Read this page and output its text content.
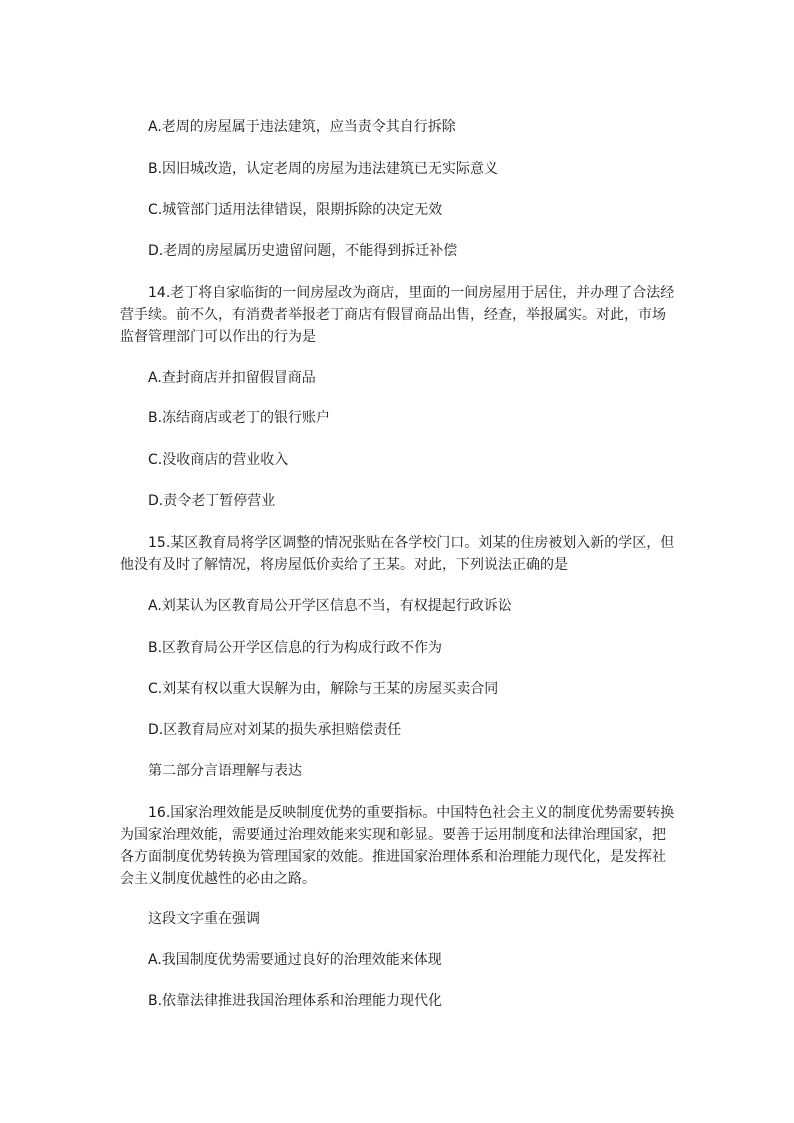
A.老周的房屋属于违法建筑，应当责令其自行拆除
B.因旧城改造，认定老周的房屋为违法建筑已无实际意义
C.城管部门适用法律错误，限期拆除的决定无效
D.老周的房屋属历史遗留问题，不能得到拆迁补偿
14.老丁将自家临街的一间房屋改为商店，里面的一间房屋用于居住，并办理了合法经
营手续。前不久，有消费者举报老丁商店有假冒商品出售，经查，举报属实。对此，市场
监督管理部门可以作出的行为是
A.查封商店并扣留假冒商品
B.冻结商店或老丁的银行账户
C.没收商店的营业收入
D.责令老丁暂停营业
15.某区教育局将学区调整的情况张贴在各学校门口。刘某的住房被划入新的学区，但
他没有及时了解情况，将房屋低价卖给了王某。对此，下列说法正确的是
A.刘某认为区教育局公开学区信息不当，有权提起行政诉讼
B.区教育局公开学区信息的行为构成行政不作为
C.刘某有权以重大误解为由，解除与王某的房屋买卖合同
D.区教育局应对刘某的损失承担赔偿责任
第二部分言语理解与表达
16.国家治理效能是反映制度优势的重要指标。中国特色社会主义的制度优势需要转换
为国家治理效能，需要通过治理效能来实现和彰显。要善于运用制度和法律治理国家，把
各方面制度优势转换为管理国家的效能。推进国家治理体系和治理能力现代化，是发挥社
会主义制度优越性的必由之路。
这段文字重在强调
A.我国制度优势需要通过良好的治理效能来体现
B.依靠法律推进我国治理体系和治理能力现代化
